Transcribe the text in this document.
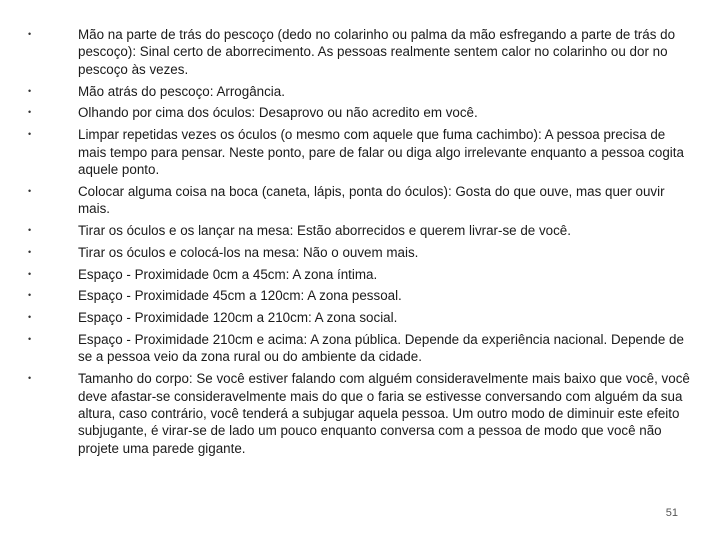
•	Mão na parte de trás do pescoço (dedo no colarinho ou palma da mão esfregando a parte de trás do pescoço): Sinal certo de aborrecimento. As pessoas realmente sentem calor no colarinho ou dor no pescoço às vezes.
•	Mão atrás do pescoço: Arrogância.
•	Olhando por cima dos óculos: Desaprovo ou não acredito em você.
•	Limpar repetidas vezes os óculos (o mesmo com aquele que fuma cachimbo): A pessoa precisa de mais tempo para pensar. Neste ponto, pare de falar ou diga algo irrelevante enquanto a pessoa cogita aquele ponto.
•	Colocar alguma coisa na boca (caneta, lápis, ponta do óculos): Gosta do que ouve, mas quer ouvir mais.
•	Tirar os óculos e os lançar na mesa: Estão aborrecidos e querem livrar-se de você.
•	Tirar os óculos e colocá-los na mesa: Não o ouvem mais.
•	Espaço - Proximidade 0cm a 45cm: A zona íntima.
•	Espaço - Proximidade 45cm a 120cm: A zona pessoal.
•	Espaço - Proximidade 120cm a 210cm: A zona social.
•	Espaço - Proximidade 210cm e acima: A zona pública. Depende da experiência nacional. Depende de se a pessoa veio da zona rural ou do ambiente da cidade.
•	Tamanho do corpo: Se você estiver falando com alguém consideravelmente mais baixo que você, você deve afastar-se consideravelmente mais do que o faria se estivesse conversando com alguém da sua altura, caso contrário, você tenderá a subjugar aquela pessoa. Um outro modo de diminuir este efeito subjugante, é virar-se de lado um pouco enquanto conversa com a pessoa de modo que você não projete uma parede gigante.
51
